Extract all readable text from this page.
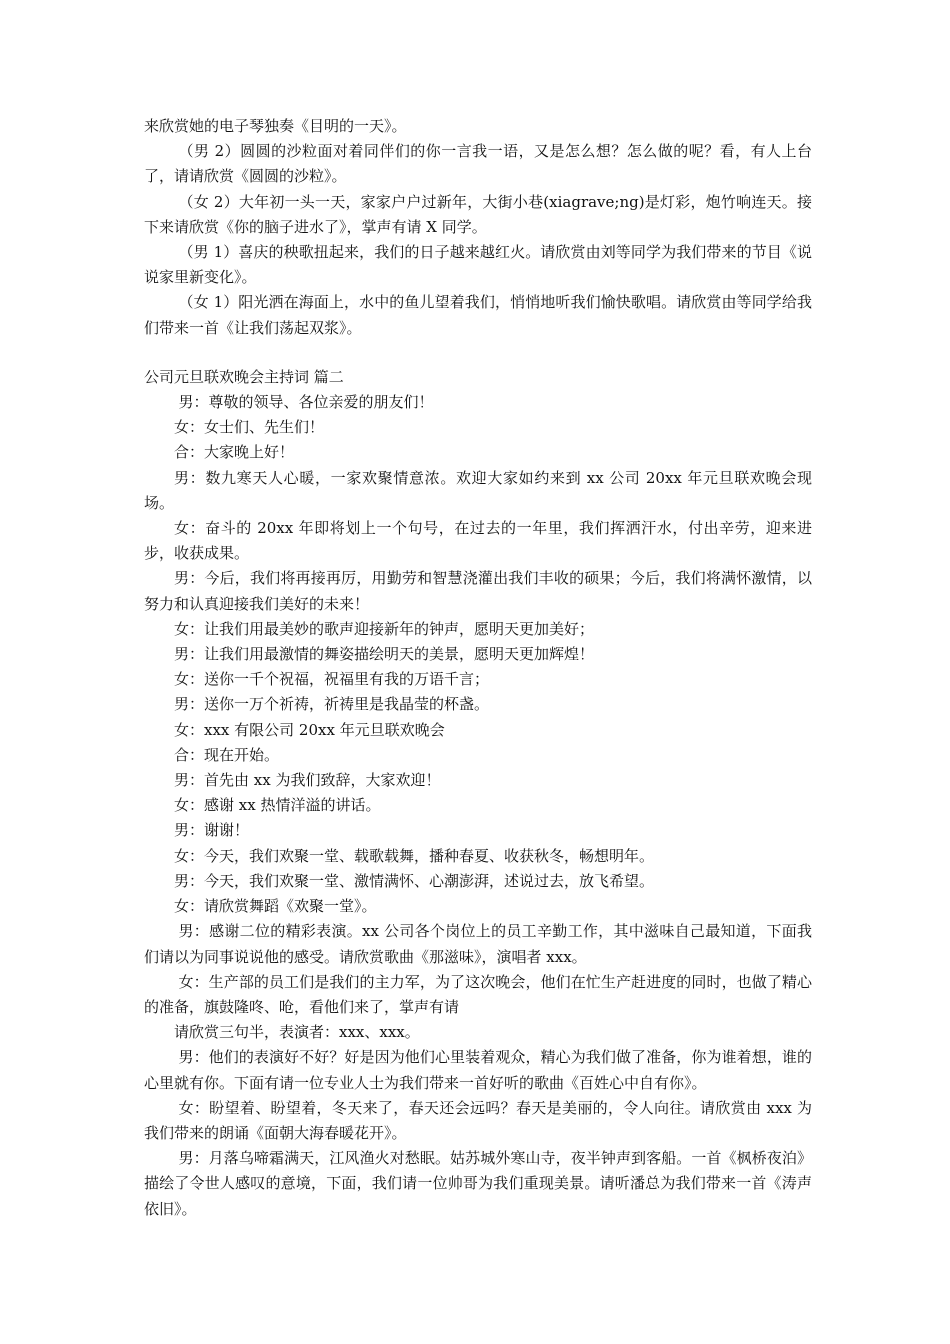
来欣赏她的电子琴独奏《目明的一天》。

（男 2）圆圆的沙粒面对着同伴们的你一言我一语，又是怎么想？怎么做的呢？看，有人上台了，请请欣赏《圆圆的沙粒》。

（女 2）大年初一头一天，家家户户过新年，大街小巷(xiagrave;ng)是灯彩，炮竹响连天。接下来请欣赏《你的脑子进水了》，掌声有请 X 同学。

（男 1）喜庆的秧歌扭起来，我们的日子越来越红火。请欣赏由刘等同学为我们带来的节目《说说家里新变化》。

（女 1）阳光洒在海面上，水中的鱼儿望着我们，悄悄地听我们愉快歌唱。请欣赏由等同学给我们带来一首《让我们荡起双浆》。

公司元旦联欢晚会主持词 篇二

男：尊敬的领导、各位亲爱的朋友们！

女：女士们、先生们！

合：大家晚上好！

男：数九寒天人心暖，一家欢聚情意浓。欢迎大家如约来到 xx 公司 20xx 年元旦联欢晚会现场。

女：奋斗的 20xx 年即将划上一个句号，在过去的一年里，我们挥洒汗水，付出辛劳，迎来进步，收获成果。

男：今后，我们将再接再厉，用勤劳和智慧浇灌出我们丰收的硕果；今后，我们将满怀激情，以努力和认真迎接我们美好的未来！

女：让我们用最美妙的歌声迎接新年的钟声，愿明天更加美好；

男：让我们用最激情的舞姿描绘明天的美景，愿明天更加辉煌！

女：送你一千个祝福，祝福里有我的万语千言；

男：送你一万个祈祷，祈祷里是我晶莹的杯盏。

女：xxx 有限公司 20xx 年元旦联欢晚会

合：现在开始。

男：首先由 xx 为我们致辞，大家欢迎！

女：感谢 xx 热情洋溢的讲话。

男：谢谢！

女：今天，我们欢聚一堂、载歌载舞，播种春夏、收获秋冬，畅想明年。

男：今天，我们欢聚一堂、激情满怀、心潮澎湃，述说过去，放飞希望。

女：请欣赏舞蹈《欢聚一堂》。

男：感谢二位的精彩表演。xx 公司各个岗位上的员工辛勤工作，其中滋味自己最知道，下面我们请以为同事说说他的感受。请欣赏歌曲《那滋味》，演唱者 xxx。

女：生产部的员工们是我们的主力军，为了这次晚会，他们在忙生产赶进度的同时，也做了精心的准备，旗鼓隆咚、呛，看他们来了，掌声有请

请欣赏三句半，表演者：xxx、xxx。

男：他们的表演好不好？好是因为他们心里装着观众，精心为我们做了准备，你为谁着想，谁的心里就有你。下面有请一位专业人士为我们带来一首好听的歌曲《百姓心中自有你》。

女：盼望着、盼望着，冬天来了，春天还会远吗？春天是美丽的，令人向往。请欣赏由 xxx 为我们带来的朗诵《面朝大海春暖花开》。

男：月落乌啼霜满天，江风渔火对愁眠。姑苏城外寒山寺，夜半钟声到客船。一首《枫桥夜泊》描绘了令世人感叹的意境，下面，我们请一位帅哥为我们重现美景。请听潘总为我们带来一首《涛声依旧》。
